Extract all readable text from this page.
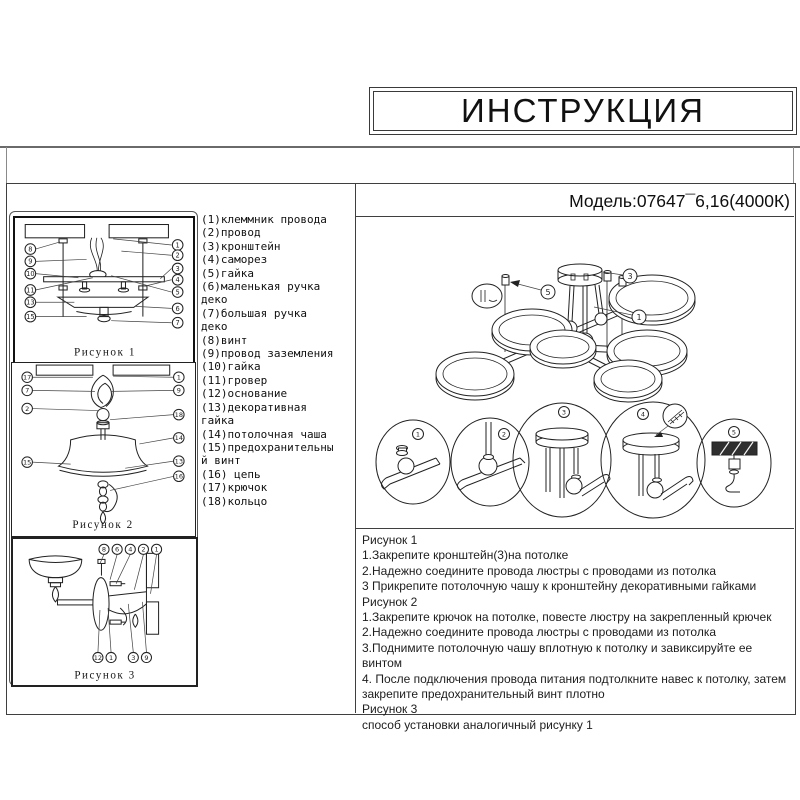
ИНСТРУКЦИЯ
8
9
10
11
13
15
1
2
3
4
5
6
7
Рисунок 1
17
7
2
15
1
9
18
14
13
16
Рисунок 2
8 6 4 2 1
12 1	3 9
Рисунок 3
(1)клеммник провода
(2)провод
(3)кронштейн
(4)саморез
(5)гайка
(6)маленькая ручка деко
(7)большая ручка деко
(8)винт
(9)провод заземления
(10)гайка
(11)гровер
(12)основание
(13)декоративная гайка
(14)потолочная чаша
(15)предохранительный винт
(16) цепь
(17)крючок
(18)кольцо
Модель:07647¯6,16(4000К)
5
3
1
1	2
3	4
5
Рисунок 1
1.Закрепите кронштейн(3)на потолке
2.Надежно соедините провода люстры с проводами из потолка
3 Прикрепите потолочную чашу к кронштейну декоративными гайками
Рисунок 2
1.Закрепите крючок на потолке, повесте люстру на закрепленный крючек
2.Надежно соедините провода люстры с проводами из потолка
3.Поднимите потолочную чашу вплотную к потолку и завиксируйте ее винтом
4. После подключения провода питания подтолкните навес к потолку, затем закрепите предохранительный винт плотно
Рисунок 3
способ установки аналогичный рисунку 1
